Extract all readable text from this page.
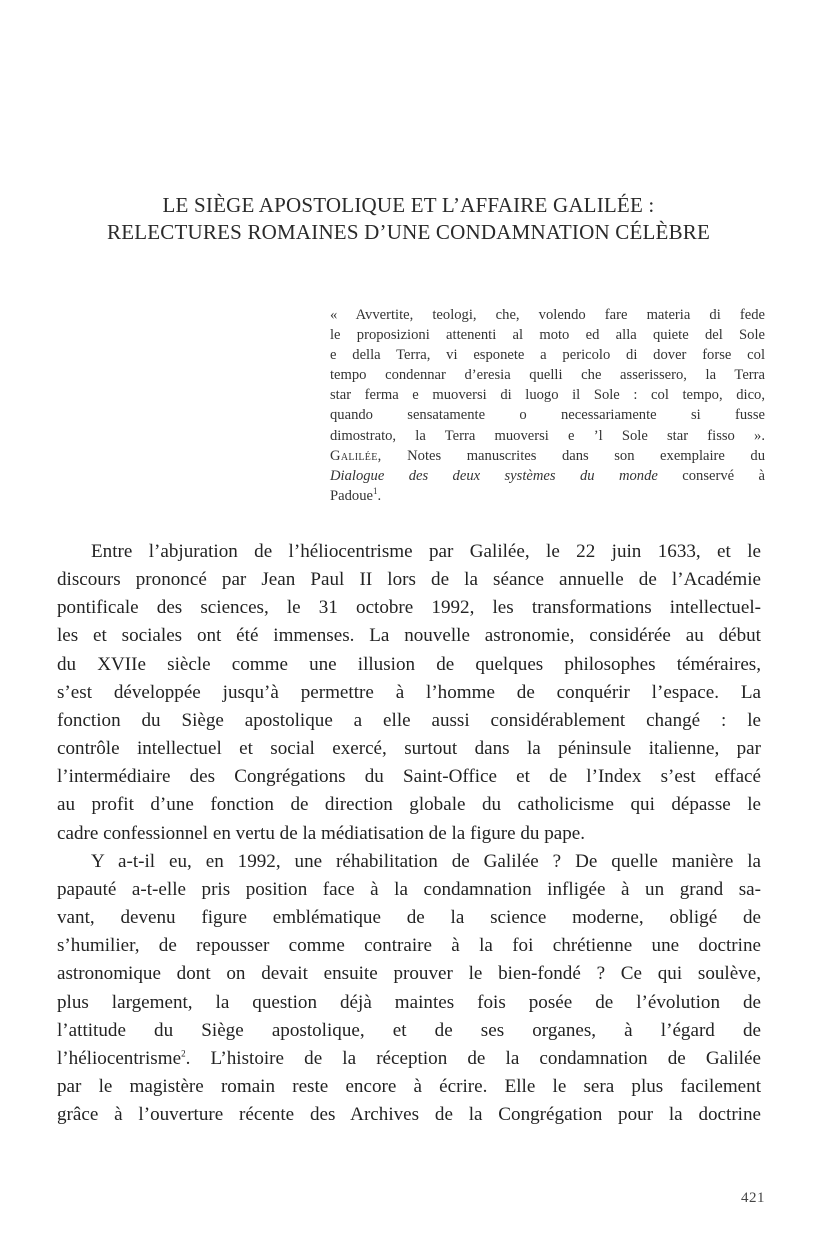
LE SIÈGE APOSTOLIQUE ET L’AFFAIRE GALILÉE :
RELECTURES ROMAINES D’UNE CONDAMNATION CÉLÈBRE
« Avvertite, teologi, che, volendo fare materia di fede
le proposizioni attenenti al moto ed alla quiete del Sole
e della Terra, vi esponete a pericolo di dover forse col
tempo condennar d’eresia quelli che asserissero, la Terra
star ferma e muoversi di luogo il Sole : col tempo, dico,
quando sensatamente o necessariamente si fusse
dimostrato, la Terra muoversi e ’l Sole star fisso ».
Galilée, Notes manuscrites dans son exemplaire du
Dialogue des deux systèmes du monde conservé à
Padoue$^1$.
Entre l’abjuration de l’héliocentrisme par Galilée, le 22 juin 1633, et le
discours prononcé par Jean Paul II lors de la séance annuelle de l’Académie
pontificale des sciences, le 31 octobre 1992, les transformations intellectuel-
les et sociales ont été immenses. La nouvelle astronomie, considérée au début
du XVIIe siècle comme une illusion de quelques philosophes téméraires,
s’est développée jusqu’à permettre à l’homme de conquérir l’espace. La
fonction du Siège apostolique a elle aussi considérablement changé : le
contrôle intellectuel et social exercé, surtout dans la péninsule italienne, par
l’intermédiaire des Congrégations du Saint-Office et de l’Index s’est effacé
au profit d’une fonction de direction globale du catholicisme qui dépasse le
cadre confessionnel en vertu de la médiatisation de la figure du pape.
Y a-t-il eu, en 1992, une réhabilitation de Galilée ? De quelle manière la
papauté a-t-elle pris position face à la condamnation infligée à un grand sa-
vant, devenu figure emblématique de la science moderne, obligé de
s’humilier, de repousser comme contraire à la foi chrétienne une doctrine
astronomique dont on devait ensuite prouver le bien-fondé ? Ce qui soulève,
plus largement, la question déjà maintes fois posée de l’évolution de
l’attitude du Siège apostolique, et de ses organes, à l’égard de
l’héliocentrisme$^2$. L’histoire de la réception de la condamnation de Galilée
par le magistère romain reste encore à écrire. Elle le sera plus facilement
grâce à l’ouverture récente des Archives de la Congrégation pour la doctrine
421
